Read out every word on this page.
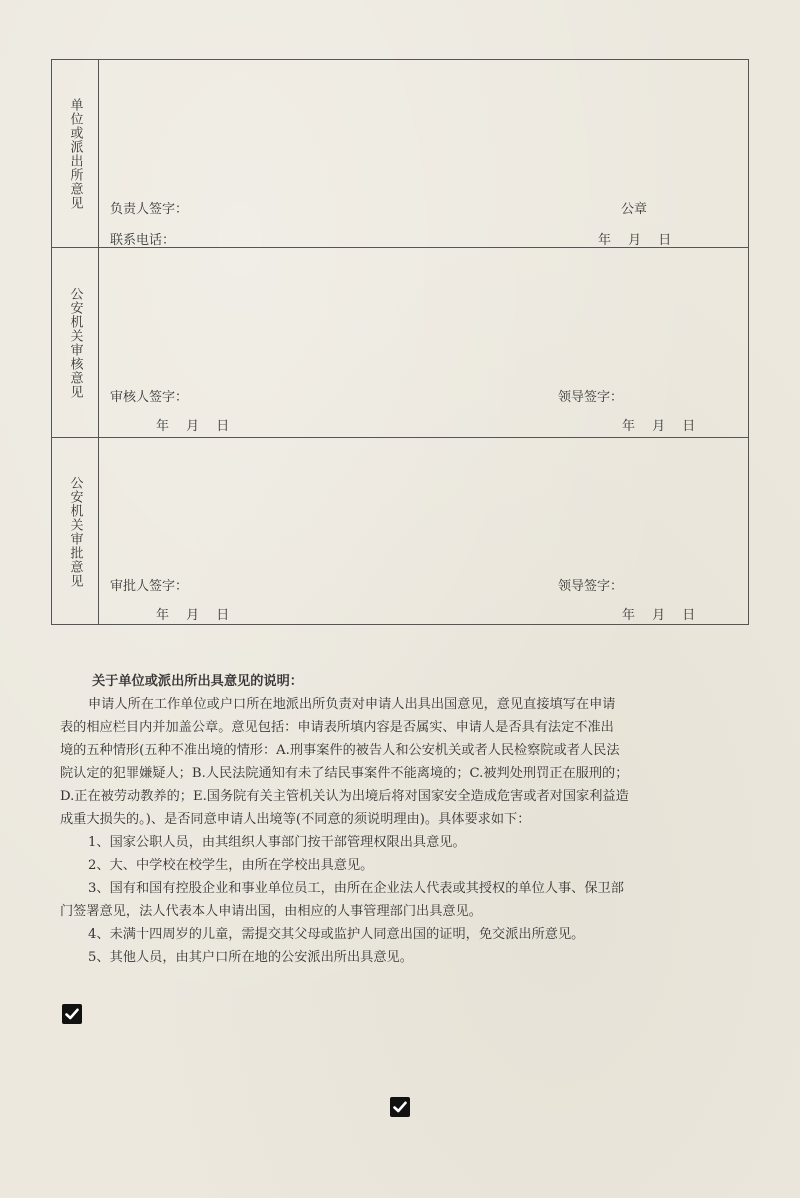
单位或派出所意见 负责人签字：	公章
联系电话：	年　 月　 日
公安机关审核意见 审核人签字：	领导签字：
年　 月　 日	年　 月　 日
公安机关审批意见 审批人签字：	领导签字：
年　 月　 日	年　 月　 日
关于单位或派出所出具意见的说明：

申请人所在工作单位或户口所在地派出所负责对申请人出具出国意见，意见直接填写在申请

表的相应栏目内并加盖公章。意见包括：申请表所填内容是否属实、申请人是否具有法定不准出

境的五种情形(五种不准出境的情形：A.刑事案件的被告人和公安机关或者人民检察院或者人民法

院认定的犯罪嫌疑人；B.人民法院通知有未了结民事案件不能离境的；C.被判处刑罚正在服刑的；

D.正在被劳动教养的；E.国务院有关主管机关认为出境后将对国家安全造成危害或者对国家利益造

成重大损失的。)、是否同意申请人出境等(不同意的须说明理由)。具体要求如下：

1、国家公职人员，由其组织人事部门按干部管理权限出具意见。

2、大、中学校在校学生，由所在学校出具意见。

3、国有和国有控股企业和事业单位员工，由所在企业法人代表或其授权的单位人事、保卫部

门签署意见，法人代表本人申请出国，由相应的人事管理部门出具意见。

4、未满十四周岁的儿童，需提交其父母或监护人同意出国的证明，免交派出所意见。

5、其他人员，由其户口所在地的公安派出所出具意见。
